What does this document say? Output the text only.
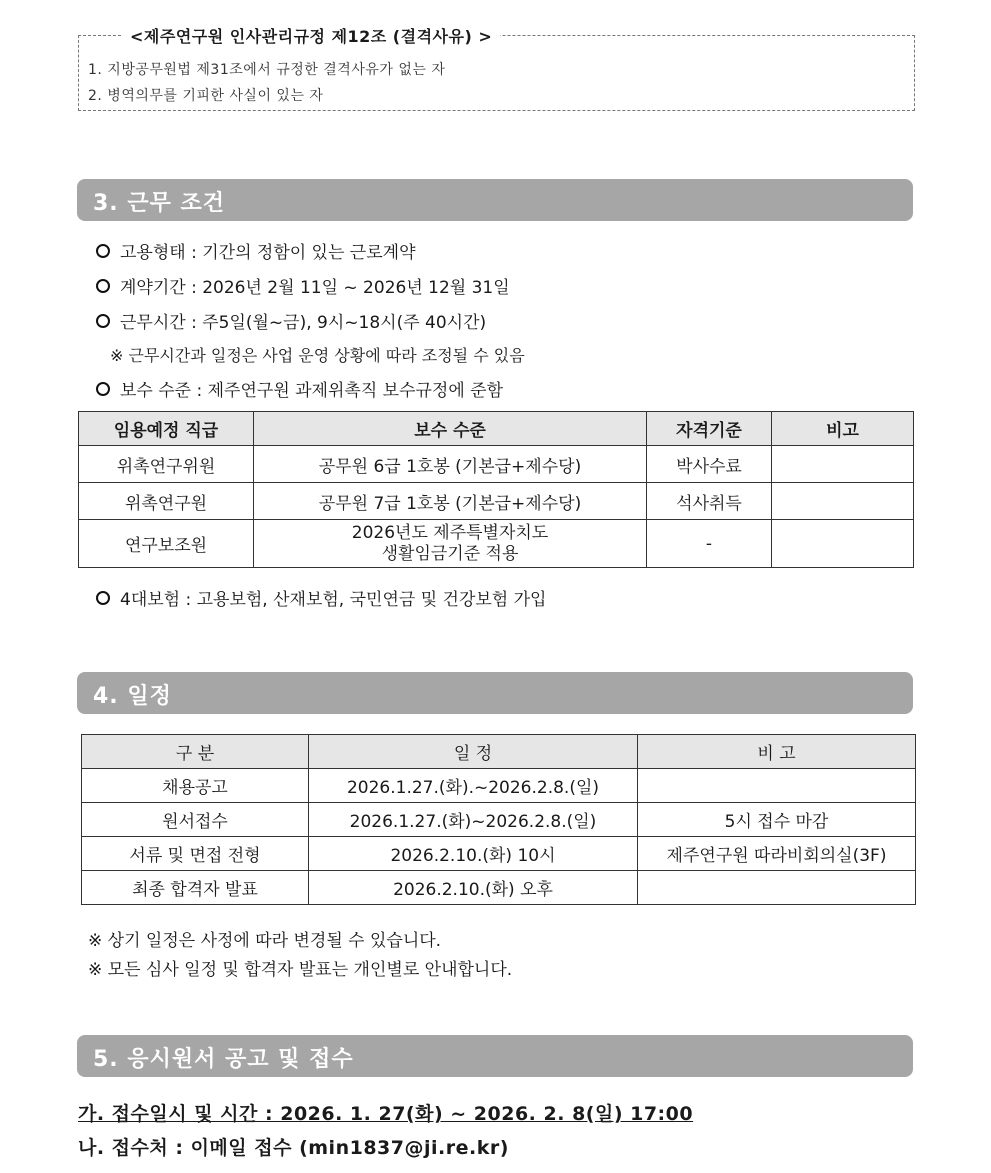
<제주연구원 인사관리규정 제12조 (결격사유) >
1. 지방공무원법 제31조에서 규정한 결격사유가 없는 자
2. 병역의무를 기피한 사실이 있는 자
3. 근무 조건
고용형태 : 기간의 정함이 있는 근로계약
계약기간 : 2026년 2월 11일 ~ 2026년 12월 31일
근무시간 : 주5일(월~금), 9시~18시(주 40시간)
※ 근무시간과 일정은 사업 운영 상황에 따라 조정될 수 있음
보수 수준 : 제주연구원 과제위촉직 보수규정에 준함
임용예정 직급	보수 수준	자격기준	비고
위촉연구위원	공무원 6급 1호봉 (기본급+제수당)	박사수료	
위촉연구원	공무원 7급 1호봉 (기본급+제수당)	석사취득	
연구보조원	2026년도 제주특별자치도
생활임금기준 적용	-	
4대보험 : 고용보험, 산재보험, 국민연금 및 건강보험 가입
4. 일정
구 분	일 정	비 고
채용공고	2026.1.27.(화).~2026.2.8.(일)	
원서접수	2026.1.27.(화)~2026.2.8.(일)	5시 접수 마감
서류 및 면접 전형	2026.2.10.(화) 10시	제주연구원 따라비회의실(3F)
최종 합격자 발표	2026.2.10.(화) 오후	
※ 상기 일정은 사정에 따라 변경될 수 있습니다.
※ 모든 심사 일정 및 합격자 발표는 개인별로 안내합니다.
5. 응시원서 공고 및 접수
가. 접수일시 및 시간 : 2026. 1. 27(화) ~ 2026. 2. 8(일) 17:00
나. 접수처 : 이메일 접수 (min1837@ji.re.kr)
